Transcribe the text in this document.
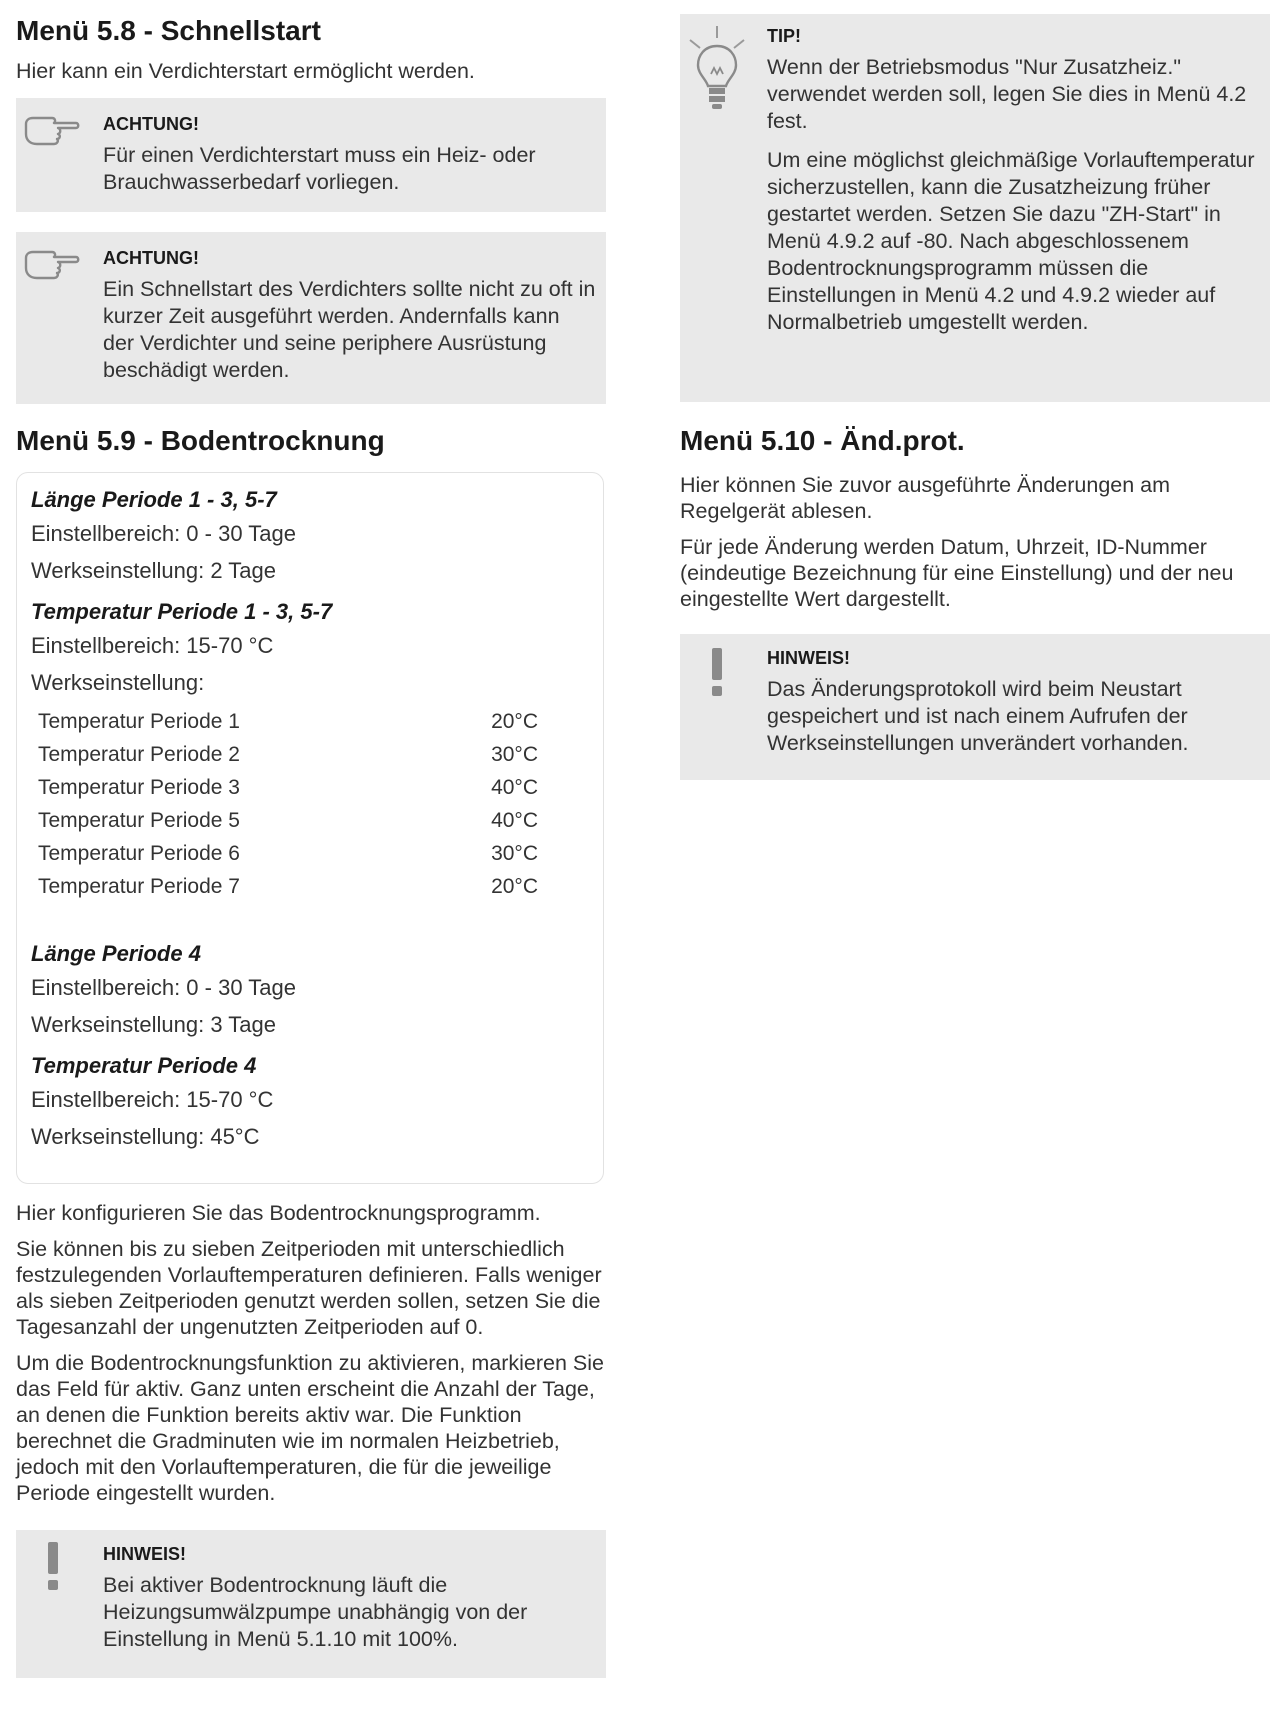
Menü 5.8 - Schnellstart

Hier kann ein Verdichterstart ermöglicht werden.

ACHTUNG!
Für einen Verdichterstart muss ein Heiz- oder Brauchwasserbedarf vorliegen.
ACHTUNG!
Ein Schnellstart des Verdichters sollte nicht zu oft in kurzer Zeit ausgeführt werden. Andernfalls kann der Verdichter und seine periphere Ausrüstung beschädigt werden.
Menü 5.9 - Bodentrocknung
Länge Periode 1 - 3, 5-7
Einstellbereich: 0 - 30 Tage
Werkseinstellung: 2 Tage
Temperatur Periode 1 - 3, 5-7
Einstellbereich: 15-70 °C
Werkseinstellung:
Temperatur Periode 1	20°C
Temperatur Periode 2	30°C
Temperatur Periode 3	40°C
Temperatur Periode 5	40°C
Temperatur Periode 6	30°C
Temperatur Periode 7	20°C
Länge Periode 4
Einstellbereich: 0 - 30 Tage
Werkseinstellung: 3 Tage
Temperatur Periode 4
Einstellbereich: 15-70 °C
Werkseinstellung: 45°C

Hier konfigurieren Sie das Bodentrocknungsprogramm.

Sie können bis zu sieben Zeitperioden mit unterschiedlich festzulegenden Vorlauftemperaturen definieren. Falls weniger als sieben Zeitperioden genutzt werden sollen, setzen Sie die Tagesanzahl der ungenutzten Zeitperioden auf 0.

Um die Bodentrocknungsfunktion zu aktivieren, markieren Sie das Feld für aktiv. Ganz unten erscheint die Anzahl der Tage, an denen die Funktion bereits aktiv war. Die Funktion berechnet die Gradminuten wie im normalen Heizbetrieb, jedoch mit den Vorlauftemperaturen, die für die jeweilige Periode eingestellt wurden.

HINWEIS!
Bei aktiver Bodentrocknung läuft die Heizungsumwälzpumpe unabhängig von der Einstellung in Menü 5.1.10 mit 100%.
TIP!
Wenn der Betriebsmodus "Nur Zusatzheiz." verwendet werden soll, legen Sie dies in Menü 4.2 fest.
Um eine möglichst gleichmäßige Vorlauftemperatur sicherzustellen, kann die Zusatzheizung früher gestartet werden. Setzen Sie dazu "ZH-Start" in Menü 4.9.2 auf -80. Nach abgeschlossenem Bodentrocknungsprogramm müssen die Einstellungen in Menü 4.2 und 4.9.2 wieder auf Normalbetrieb umgestellt werden.
Menü 5.10 - Änd.prot.

Hier können Sie zuvor ausgeführte Änderungen am Regelgerät ablesen.

Für jede Änderung werden Datum, Uhrzeit, ID-Nummer (eindeutige Bezeichnung für eine Einstellung) und der neu eingestellte Wert dargestellt.

HINWEIS!
Das Änderungsprotokoll wird beim Neustart gespeichert und ist nach einem Aufrufen der Werkseinstellungen unverändert vorhanden.
